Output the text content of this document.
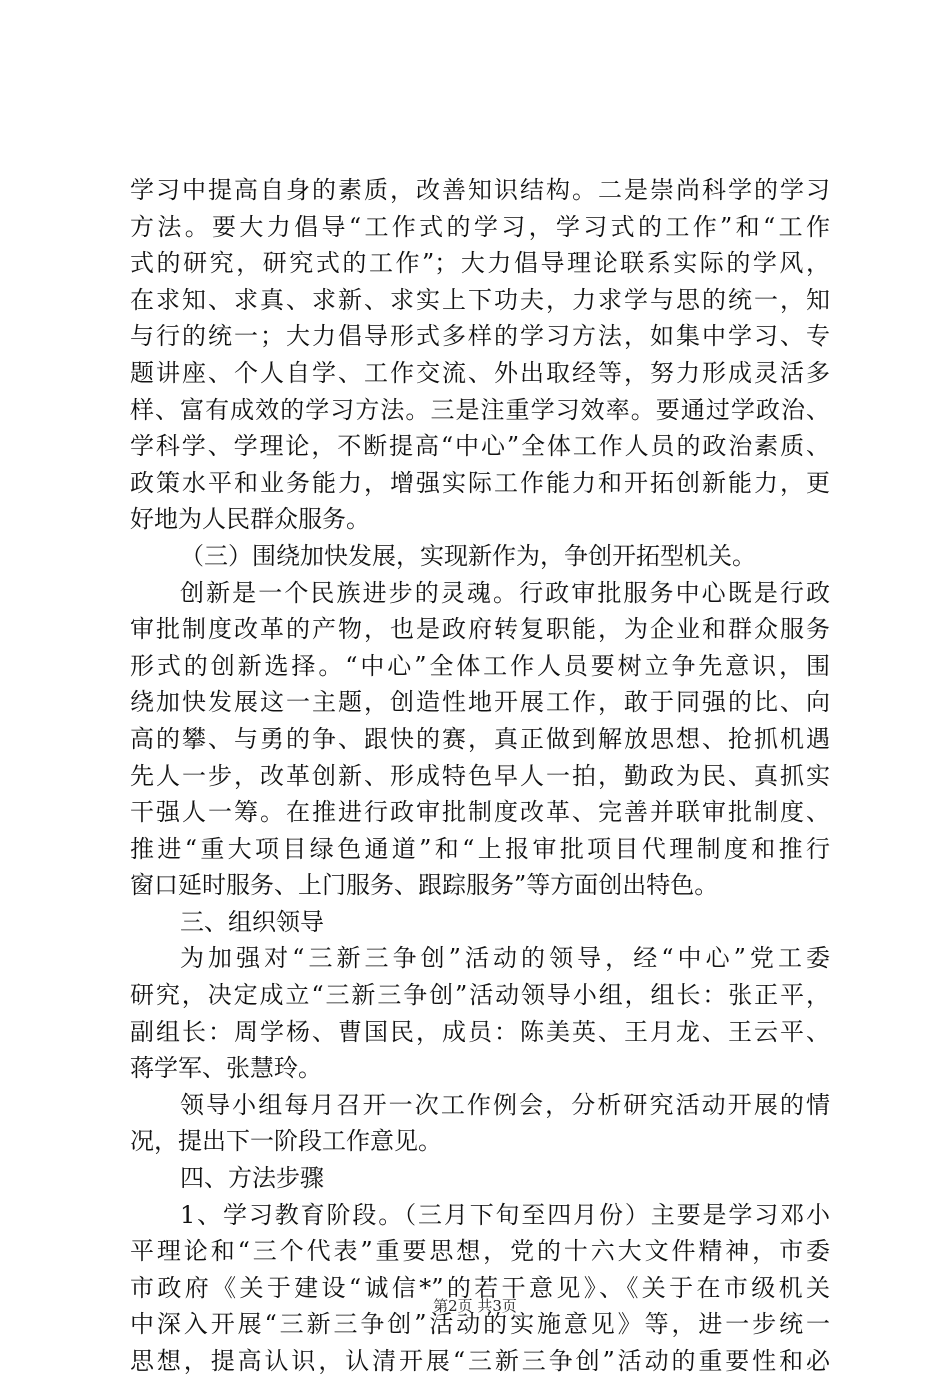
学习中提高自身的素质，改善知识结构。二是崇尚科学的学习
方法。要大力倡导“工作式的学习，学习式的工作”和“工作
式的研究，研究式的工作”；大力倡导理论联系实际的学风，
在求知、求真、求新、求实上下功夫，力求学与思的统一，知
与行的统一；大力倡导形式多样的学习方法，如集中学习、专
题讲座、个人自学、工作交流、外出取经等，努力形成灵活多
样、富有成效的学习方法。三是注重学习效率。要通过学政治、
学科学、学理论，不断提高“中心”全体工作人员的政治素质、
政策水平和业务能力，增强实际工作能力和开拓创新能力，更
好地为人民群众服务。
（三）围绕加快发展，实现新作为，争创开拓型机关。
创新是一个民族进步的灵魂。行政审批服务中心既是行政
审批制度改革的产物，也是政府转复职能，为企业和群众服务
形式的创新选择。“中心”全体工作人员要树立争先意识，围
绕加快发展这一主题，创造性地开展工作，敢于同强的比、向
高的攀、与勇的争、跟快的赛，真正做到解放思想、抢抓机遇
先人一步，改革创新、形成特色早人一拍，勤政为民、真抓实
干强人一筹。在推进行政审批制度改革、完善并联审批制度、
推进“重大项目绿色通道”和“上报审批项目代理制度和推行
窗口延时服务、上门服务、跟踪服务”等方面创出特色。
三、组织领导
为加强对“三新三争创”活动的领导，经“中心”党工委
研究，决定成立“三新三争创”活动领导小组，组长：张正平，
副组长：周学杨、曹国民，成员：陈美英、王月龙、王云平、
蒋学军、张慧玲。
领导小组每月召开一次工作例会，分析研究活动开展的情
况，提出下一阶段工作意见。
四、方法步骤
1、学习教育阶段。（三月下旬至四月份）主要是学习邓小
平理论和“三个代表”重要思想，党的十六大文件精神，市委
市政府《关于建设“诚信*”的若干意见》、《关于在市级机关
中深入开展“三新三争创”活动的实施意见》等，进一步统一
思想，提高认识，认清开展“三新三争创”活动的重要性和必
第2页 共3页
